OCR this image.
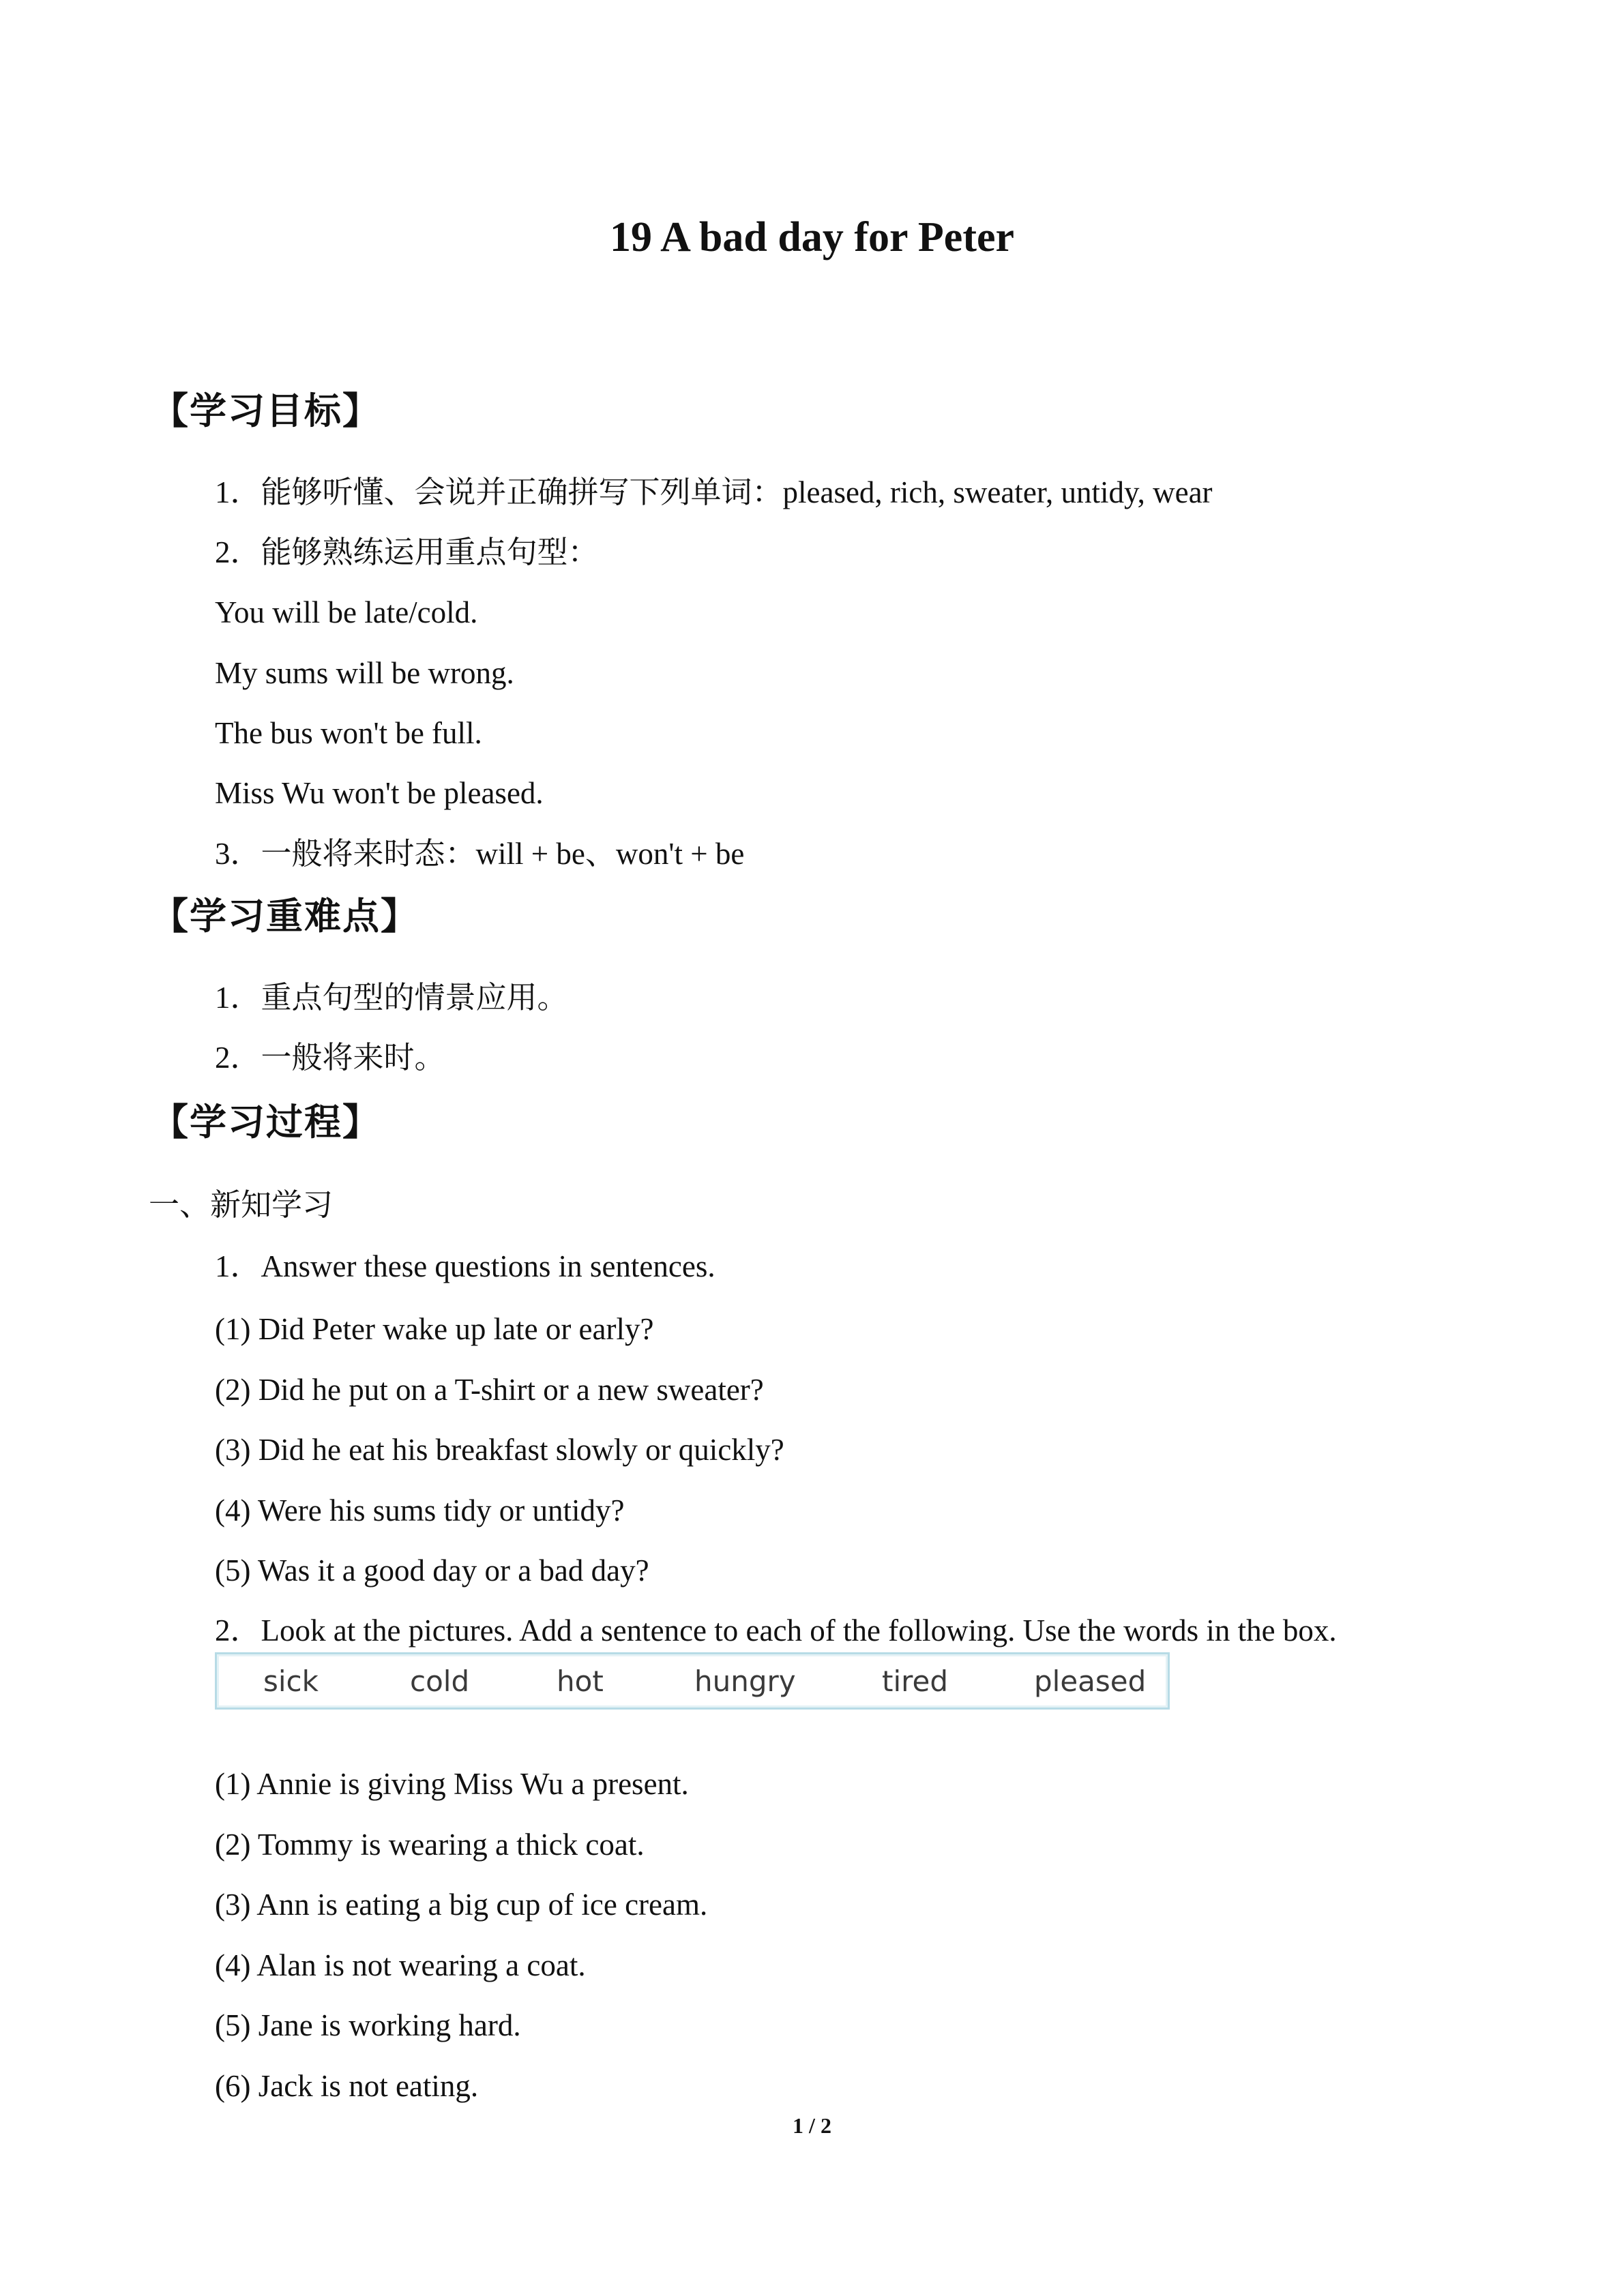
19 A bad day for Peter
【学习目标】
1．能够听懂、会说并正确拼写下列单词：pleased, rich, sweater, untidy, wear
2．能够熟练运用重点句型：
You will be late/cold.
My sums will be wrong.
The bus won't be full.
Miss Wu won't be pleased.
3．一般将来时态：will + be、won't + be
【学习重难点】
1．重点句型的情景应用。
2．一般将来时。
【学习过程】
一、新知学习
1．Answer these questions in sentences.
(1) Did Peter wake up late or early?
(2) Did he put on a T-shirt or a new sweater?
(3) Did he eat his breakfast slowly or quickly?
(4) Were his sums tidy or untidy?
(5) Was it a good day or a bad day?
2．Look at the pictures. Add a sentence to each of the following. Use the words in the box.
sick	cold	hot	hungry	tired	pleased
(1) Annie is giving Miss Wu a present.
(2) Tommy is wearing a thick coat.
(3) Ann is eating a big cup of ice cream.
(4) Alan is not wearing a coat.
(5) Jane is working hard.
(6) Jack is not eating.
1 / 2
